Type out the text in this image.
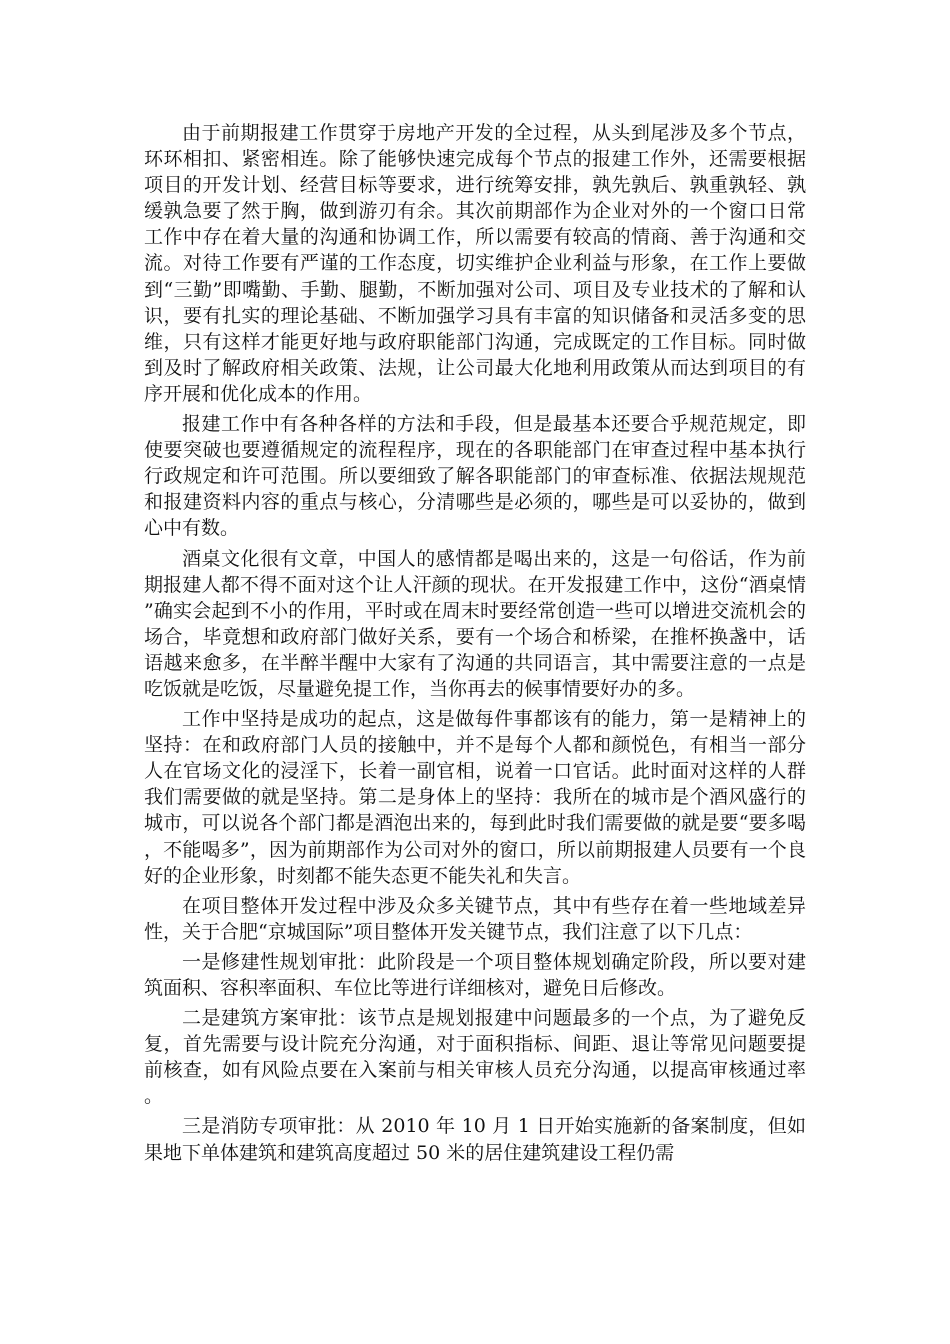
由于前期报建工作贯穿于房地产开发的全过程，从头到尾涉及多个节点，环环相扣、紧密相连。除了能够快速完成每个节点的报建工作外，还需要根据项目的开发计划、经营目标等要求，进行统筹安排，孰先孰后、孰重孰轻、孰缓孰急要了然于胸，做到游刃有余。其次前期部作为企业对外的一个窗口日常工作中存在着大量的沟通和协调工作，所以需要有较高的情商、善于沟通和交流。对待工作要有严谨的工作态度，切实维护企业利益与形象，在工作上要做到“三勤”即嘴勤、手勤、腿勤，不断加强对公司、项目及专业技术的了解和认识，要有扎实的理论基础、不断加强学习具有丰富的知识储备和灵活多变的思维，只有这样才能更好地与政府职能部门沟通，完成既定的工作目标。同时做到及时了解政府相关政策、法规，让公司最大化地利用政策从而达到项目的有序开展和优化成本的作用。

报建工作中有各种各样的方法和手段，但是最基本还要合乎规范规定，即使要突破也要遵循规定的流程程序，现在的各职能部门在审查过程中基本执行行政规定和许可范围。所以要细致了解各职能部门的审查标准、依据法规规范和报建资料内容的重点与核心，分清哪些是必须的，哪些是可以妥协的，做到心中有数。

酒桌文化很有文章，中国人的感情都是喝出来的，这是一句俗话，作为前期报建人都不得不面对这个让人汗颜的现状。在开发报建工作中，这份“酒桌情”确实会起到不小的作用，平时或在周末时要经常创造一些可以增进交流机会的场合，毕竟想和政府部门做好关系，要有一个场合和桥梁，在推杯换盏中，话语越来愈多，在半醉半醒中大家有了沟通的共同语言，其中需要注意的一点是吃饭就是吃饭，尽量避免提工作，当你再去的候事情要好办的多。

工作中坚持是成功的起点，这是做每件事都该有的能力，第一是精神上的坚持：在和政府部门人员的接触中，并不是每个人都和颜悦色，有相当一部分人在官场文化的浸淫下，长着一副官相，说着一口官话。此时面对这样的人群我们需要做的就是坚持。第二是身体上的坚持：我所在的城市是个酒风盛行的城市，可以说各个部门都是酒泡出来的，每到此时我们需要做的就是要“要多喝，不能喝多”，因为前期部作为公司对外的窗口，所以前期报建人员要有一个良好的企业形象，时刻都不能失态更不能失礼和失言。

在项目整体开发过程中涉及众多关键节点，其中有些存在着一些地域差异性，关于合肥“京城国际”项目整体开发关键节点，我们注意了以下几点：

一是修建性规划审批：此阶段是一个项目整体规划确定阶段，所以要对建筑面积、容积率面积、车位比等进行详细核对，避免日后修改。

二是建筑方案审批：该节点是规划报建中问题最多的一个点，为了避免反复，首先需要与设计院充分沟通，对于面积指标、间距、退让等常见问题要提前核查，如有风险点要在入案前与相关审核人员充分沟通，以提高审核通过率。

三是消防专项审批：从 2010 年 10 月 1 日开始实施新的备案制度，但如果地下单体建筑和建筑高度超过 50 米的居住建筑建设工程仍需
